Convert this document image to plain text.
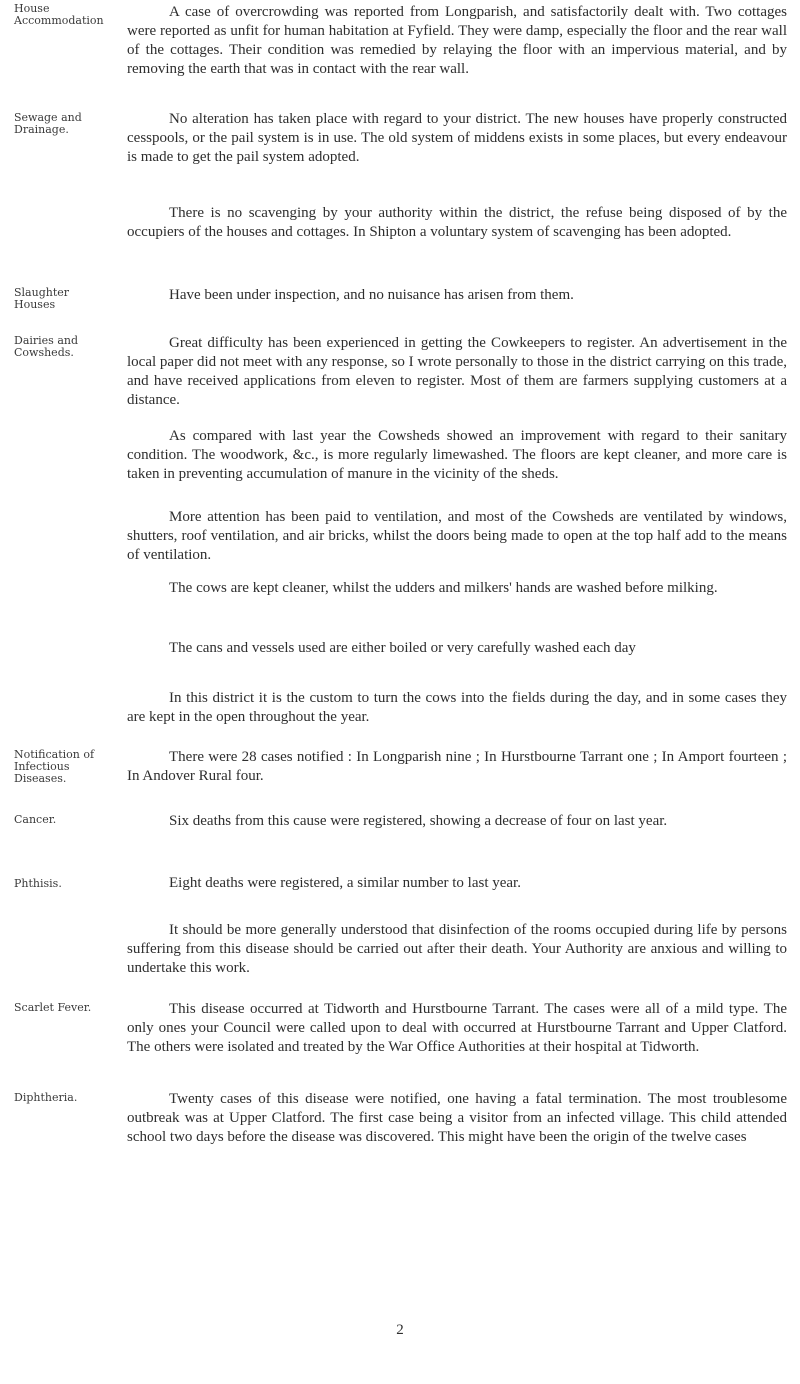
House
Accommodation

A case of overcrowding was reported from Longparish, and satisfactorily dealt with. Two cottages were reported as unfit for human habitation at Fyfield. They were damp, especially the floor and the rear wall of the cottages. Their condition was remedied by relaying the floor with an impervious material, and by removing the earth that was in contact with the rear wall.

Sewage and
Drainage.

No alteration has taken place with regard to your district. The new houses have properly constructed cesspools, or the pail system is in use. The old system of middens exists in some places, but every endeavour is made to get the pail system adopted.

There is no scavenging by your authority within the district, the refuse being disposed of by the occupiers of the houses and cottages. In Shipton a voluntary system of scavenging has been adopted.

Slaughter
Houses

Have been under inspection, and no nuisance has arisen from them.

Dairies and
Cowsheds.

Great difficulty has been experienced in getting the Cowkeepers to register. An advertisement in the local paper did not meet with any response, so I wrote personally to those in the district carrying on this trade, and have received applications from eleven to register. Most of them are farmers supplying customers at a distance.

As compared with last year the Cowsheds showed an improvement with regard to their sanitary condition. The woodwork, &c., is more regularly limewashed. The floors are kept cleaner, and more care is taken in preventing accumulation of manure in the vicinity of the sheds.

More attention has been paid to ventilation, and most of the Cowsheds are ventilated by windows, shutters, roof ventilation, and air bricks, whilst the doors being made to open at the top half add to the means of ventilation.

The cows are kept cleaner, whilst the udders and milkers' hands are washed before milking.

The cans and vessels used are either boiled or very carefully washed each day

In this district it is the custom to turn the cows into the fields during the day, and in some cases they are kept in the open throughout the year.

Notification of
Infectious
Diseases.

There were 28 cases notified : In Longparish nine ; In Hurstbourne Tarrant one ; In Amport fourteen ; In Andover Rural four.

Cancer.	Six deaths from this cause were registered, showing a decrease of four on last year.

Phthisis.	Eight deaths were registered, a similar number to last year.

It should be more generally understood that disinfection of the rooms occupied during life by persons suffering from this disease should be carried out after their death. Your Authority are anxious and willing to undertake this work.

Scarlet Fever.	This disease occurred at Tidworth and Hurstbourne Tarrant. The cases were all of a mild type. The only ones your Council were called upon to deal with occurred at Hurstbourne Tarrant and Upper Clatford. The others were isolated and treated by the War Office Authorities at their hospital at Tidworth.

Diphtheria.	Twenty cases of this disease were notified, one having a fatal termination. The most troublesome outbreak was at Upper Clatford. The first case being a visitor from an infected village. This child attended school two days before the disease was discovered. This might have been the origin of the twelve cases

2
